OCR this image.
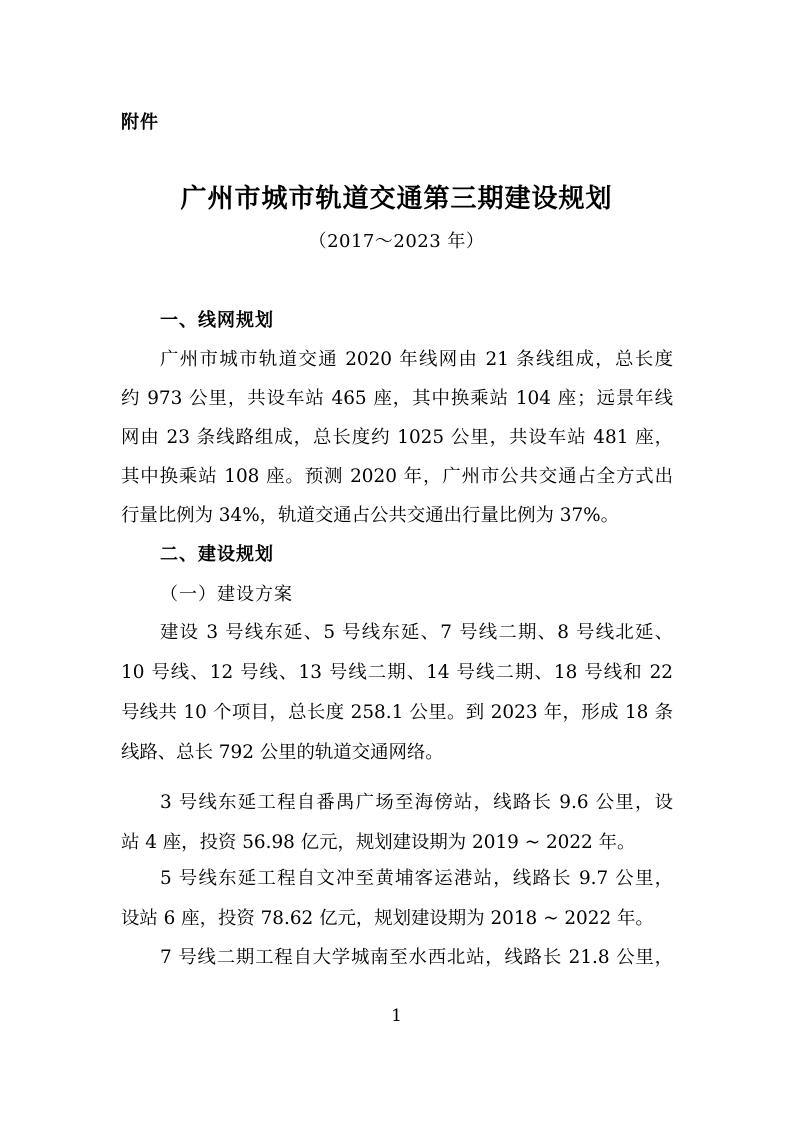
附件
广州市城市轨道交通第三期建设规划
（2017～2023 年）
一、线网规划
广州市城市轨道交通 2020 年线网由 21 条线组成，总长度
约 973 公里，共设车站 465 座，其中换乘站 104 座；远景年线
网由 23 条线路组成，总长度约 1025 公里，共设车站 481 座，
其中换乘站 108 座。预测 2020 年，广州市公共交通占全方式出
行量比例为 34%，轨道交通占公共交通出行量比例为 37%。
二、建设规划
（一）建设方案
建设 3 号线东延、5 号线东延、7 号线二期、8 号线北延、
10 号线、12 号线、13 号线二期、14 号线二期、18 号线和 22
号线共 10 个项目，总长度 258.1 公里。到 2023 年，形成 18 条
线路、总长 792 公里的轨道交通网络。
3 号线东延工程自番禺广场至海傍站，线路长 9.6 公里，设
站 4 座，投资 56.98 亿元，规划建设期为 2019 ~ 2022 年。
5 号线东延工程自文冲至黄埔客运港站，线路长 9.7 公里，
设站 6 座，投资 78.62 亿元，规划建设期为 2018 ~ 2022 年。
7 号线二期工程自大学城南至水西北站，线路长 21.8 公里，
1
